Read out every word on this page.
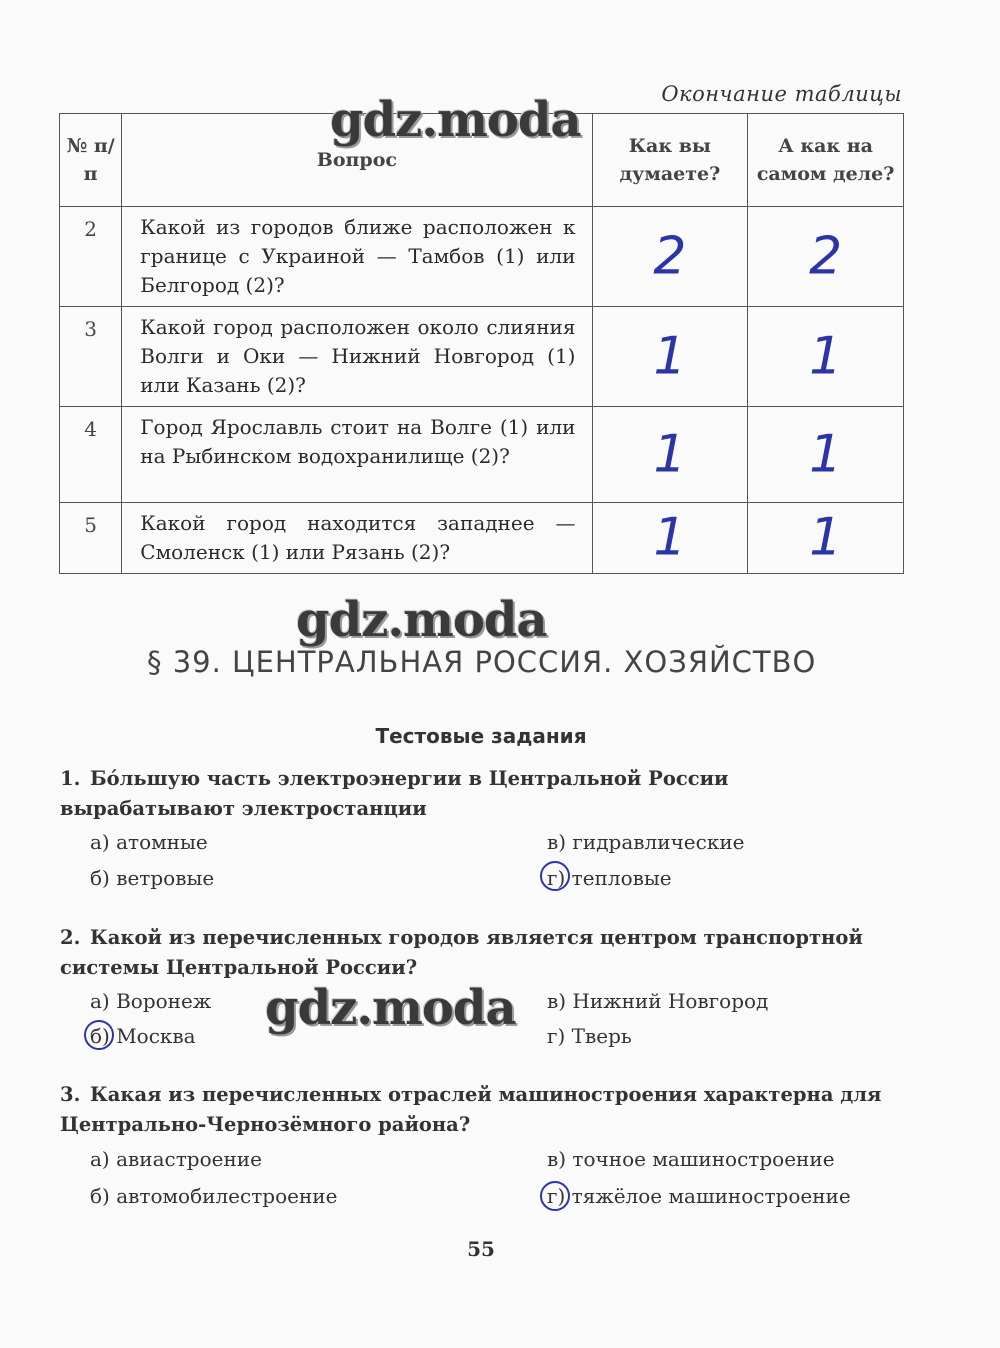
Окончание таблицы
№ п/п	Вопрос	Как вы думаете?	А как на самом деле?
2	Какой из городов ближе расположен к границе с Украиной — Тамбов (1) или Белгород (2)?	2	2

3	Какой город расположен около слияния Волги и Оки — Нижний Новгород (1) или Казань (2)?	1	1

4	Город Ярославль стоит на Волге (1) или на Рыбинском водохранилище (2)?	1	1

5	Какой город находится западнее — Смоленск (1) или Рязань (2)?	1	1
gdz.moda
gdz.moda
gdz.moda
§ 39. ЦЕНТРАЛЬНАЯ РОССИЯ. ХОЗЯЙСТВО
Тестовые задания
1. Бóльшую часть электроэнергии в Центральной России вырабатывают электростанции
а) атомные
б) ветровые
в) гидравлические
г) тепловые
2. Какой из перечисленных городов является центром транспортной системы Центральной России?
а) Воронеж
б) Москва
в) Нижний Новгород
г) Тверь
3. Какая из перечисленных отраслей машиностроения характерна для Центрально-Чернозёмного района?
а) авиастроение
б) автомобилестроение
в) точное машиностроение
г) тяжёлое машиностроение
55
